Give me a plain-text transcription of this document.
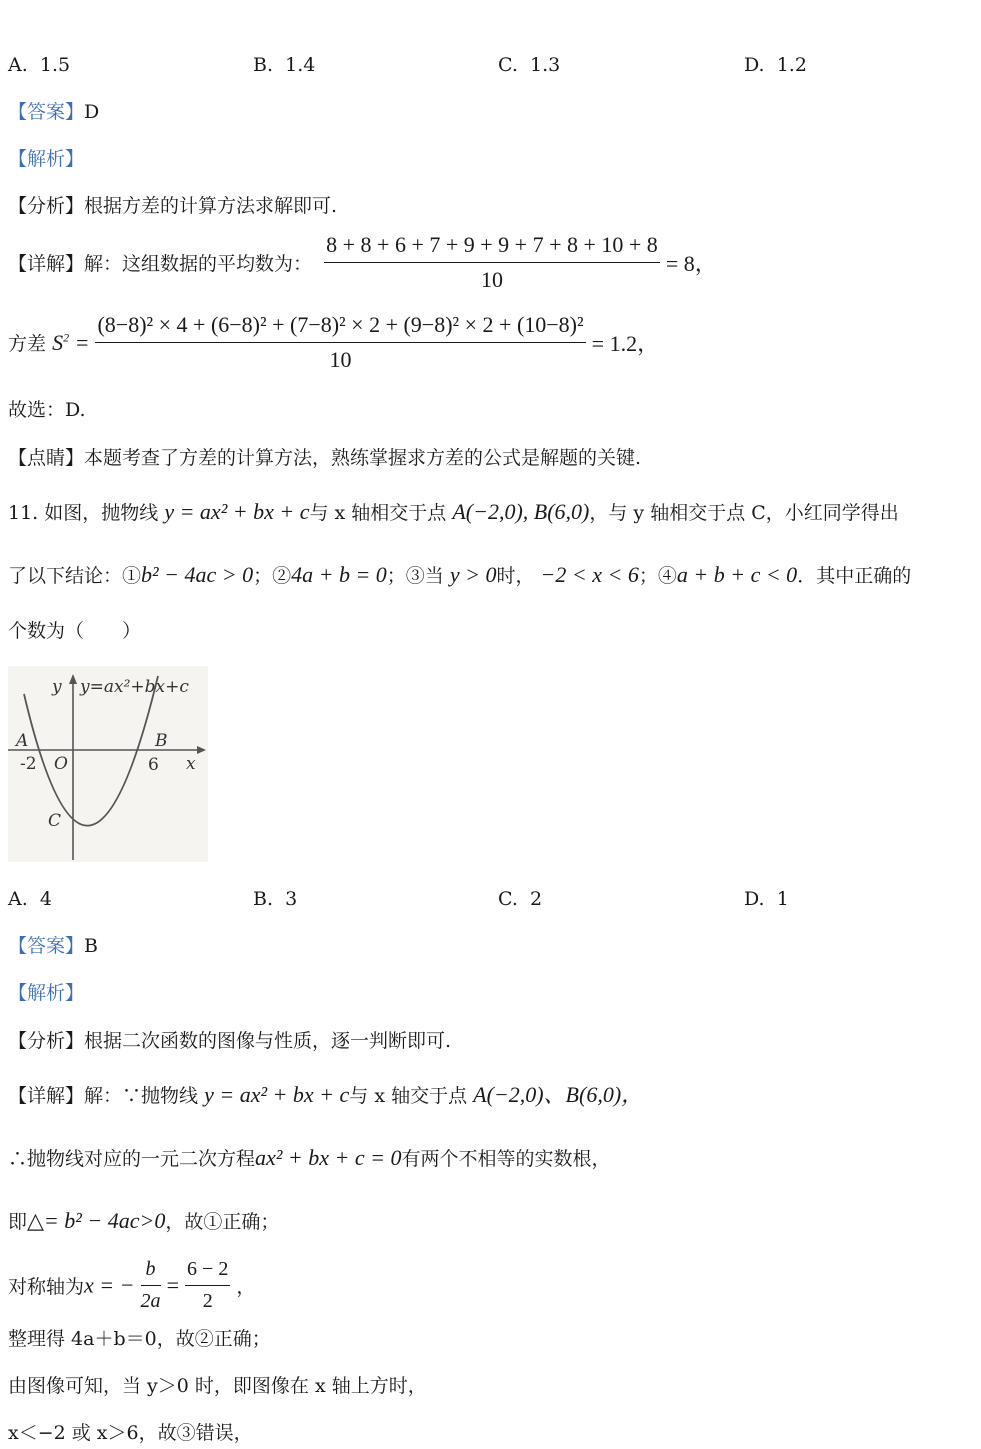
A. 1.5	B. 1.4	C. 1.3	D. 1.2
【答案】D
【解析】
【分析】根据方差的计算方法求解即可.
【详解】解：这组数据的平均数为： $\frac{8 + 8 + 6 + 7 + 9 + 9 + 7 + 8 + 10 + 8}{10} = 8$，
方差 $S^2 = \frac{\text{(8−8)² × 4 + (6−8)² + (7−8)² × 2 + (9−8)² × 2 + (10−8)²}}{10} = 1.2$，
故选：D.
【点睛】本题考查了方差的计算方法，熟练掌握求方差的公式是解题的关键.
11. 如图，抛物线 y = ax² + bx + c与 x 轴相交于点 A(−2,0), B(6,0)，与 y 轴相交于点 C，小红同学得出
了以下结论：①b² − 4ac > 0；②4a + b = 0；③当 y > 0时， −2 < x < 6；④a + b + c < 0．其中正确的
个数为（　　）
y y=ax²+bx+c
A	B
-2 O	6 x
C
A. 4	B. 3	C. 2	D. 1
【答案】B
【解析】
【分析】根据二次函数的图像与性质，逐一判断即可.
【详解】解：∵抛物线 y = ax² + bx + c与 x 轴交于点 A(−2,0)、B(6,0)，
∴抛物线对应的一元二次方程ax² + bx + c = 0有两个不相等的实数根，
即△= b² − 4ac>0，故①正确；
对称轴为x = − $\frac{b}{2a} = \frac{6 - 2}{2}$ ，
整理得 4a＋b＝0，故②正确；
由图像可知，当 y＞0 时，即图像在 x 轴上方时，
x＜−2 或 x＞6，故③错误，
